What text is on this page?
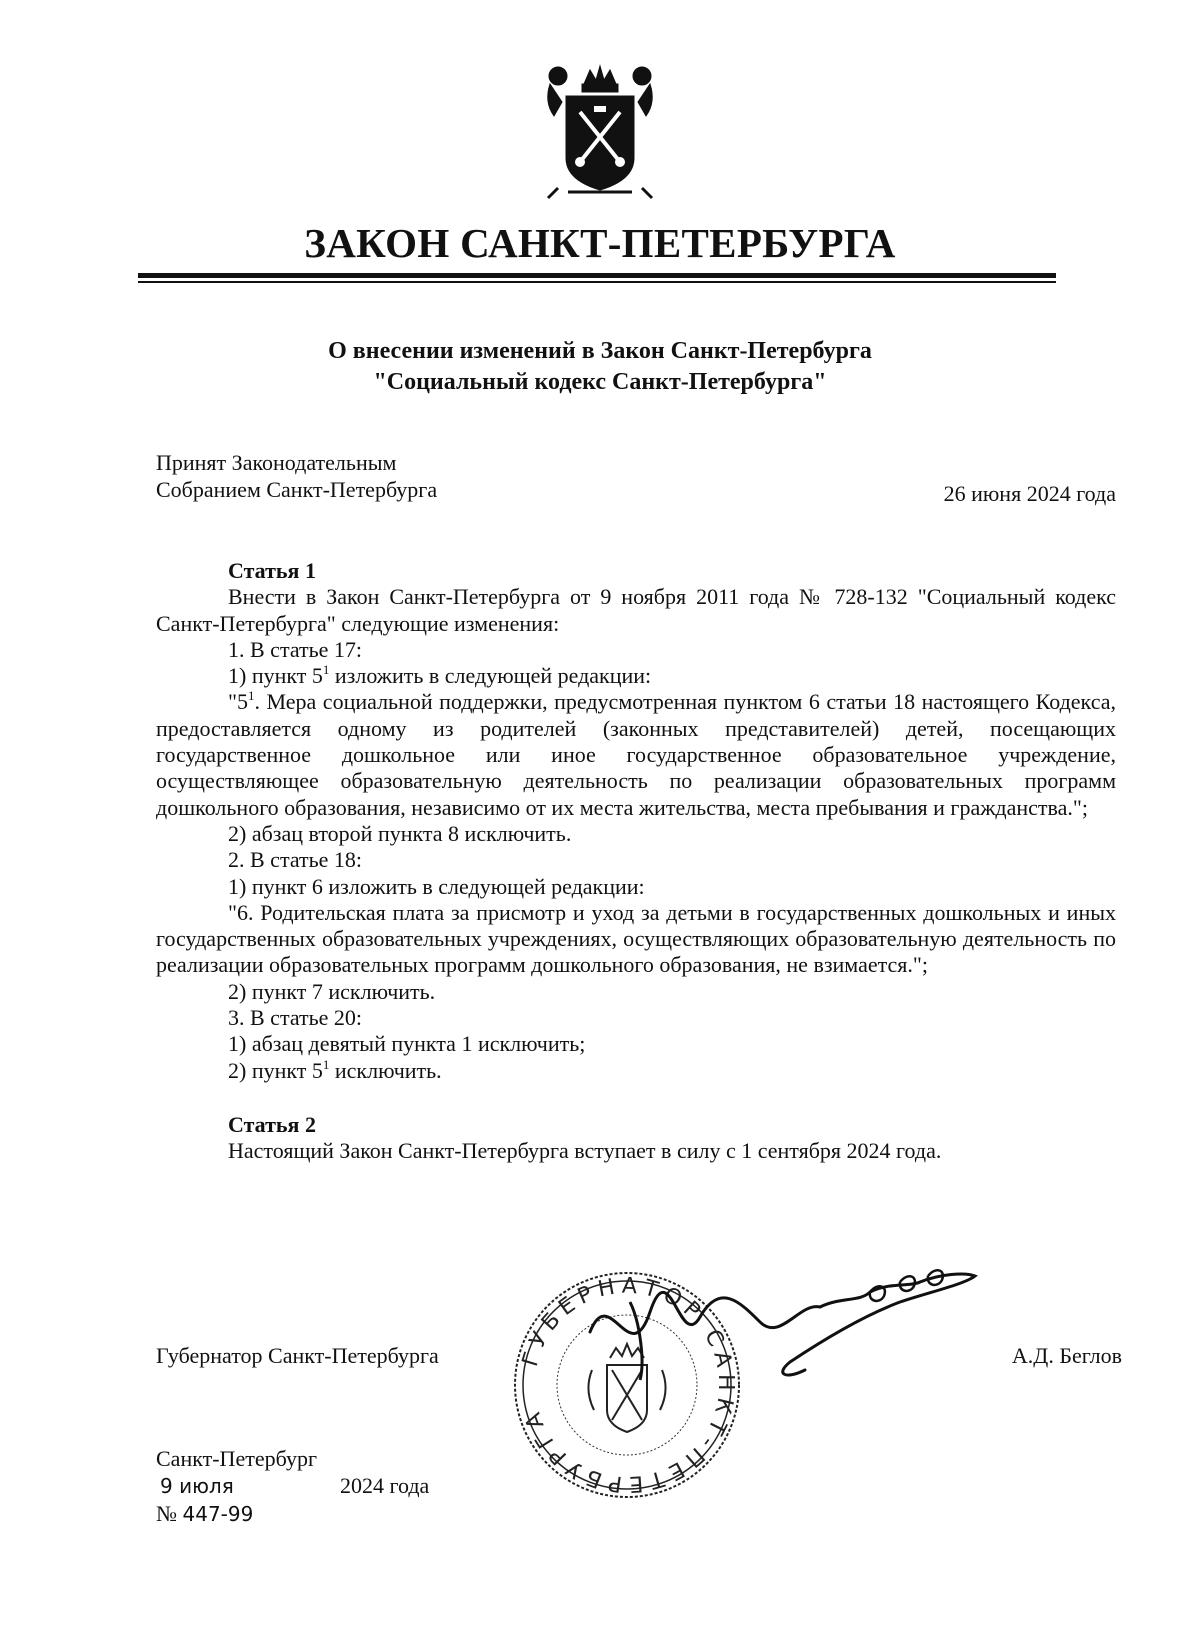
ЗАКОН САНКТ-ПЕТЕРБУРГА
О внесении изменений в Закон Санкт-Петербурга
"Социальный кодекс Санкт-Петербурга"
Принят Законодательным
Собранием Санкт-Петербурга	26 июня 2024 года
Статья 1
Внести в Закон Санкт-Петербурга от 9 ноября 2011 года № 728-132 "Социальный кодекс Санкт-Петербурга" следующие изменения:
1. В статье 17:
1) пункт $5^1$ изложить в следующей редакции:
"$5^1$. Мера социальной поддержки, предусмотренная пунктом 6 статьи 18 настоящего Кодекса, предоставляется одному из родителей (законных представителей) детей, посещающих государственное дошкольное или иное государственное образовательное учреждение, осуществляющее образовательную деятельность по реализации образовательных программ дошкольного образования, независимо от их места жительства, места пребывания и гражданства.";
2) абзац второй пункта 8 исключить.
2. В статье 18:
1) пункт 6 изложить в следующей редакции:
"6. Родительская плата за присмотр и уход за детьми в государственных дошкольных и иных государственных образовательных учреждениях, осуществляющих образовательную деятельность по реализации образовательных программ дошкольного образования, не взимается.";
2) пункт 7 исключить.
3. В статье 20:
1) абзац девятый пункта 1 исключить;
2) пункт $5^1$ исключить.
Статья 2
Настоящий Закон Санкт-Петербурга вступает в силу с 1 сентября 2024 года.
ГУБЕРНАТОР САНКТ-ПЕТЕРБУРГА
Губернатор Санкт-Петербурга	А.Д. Беглов
Санкт-Петербург
9 июля	2024 года
№ 447-99
